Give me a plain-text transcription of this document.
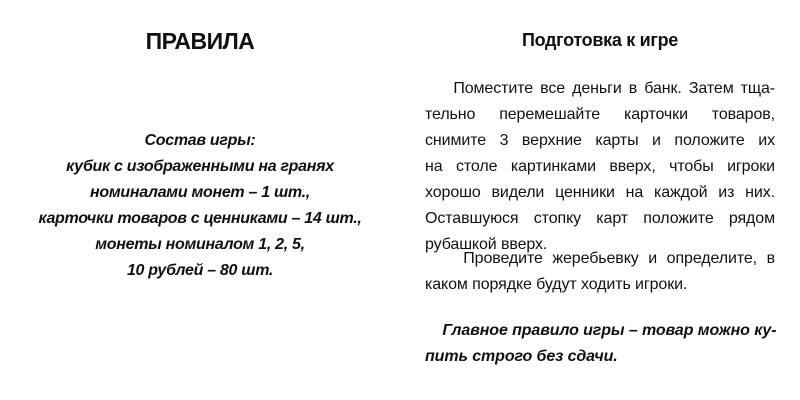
ПРАВИЛА
Состав игры:
кубик с изображенными на гранях
номиналами монет – 1 шт.,
карточки товаров с ценниками – 14 шт.,
монеты номиналом 1, 2, 5,
10 рублей – 80 шт.
Подготовка к игре
Поместите все деньги в банк. Затем тща-
тельно перемешайте карточки товаров,
снимите 3 верхние карты и положите их
на столе картинками вверх, чтобы игроки
хорошо видели ценники на каждой из них.
Оставшуюся стопку карт положите рядом
рубашкой вверх.
Проведите жеребьевку и определите, в
каком порядке будут ходить игроки.
Главное правило игры – товар можно ку-
пить строго без сдачи.
